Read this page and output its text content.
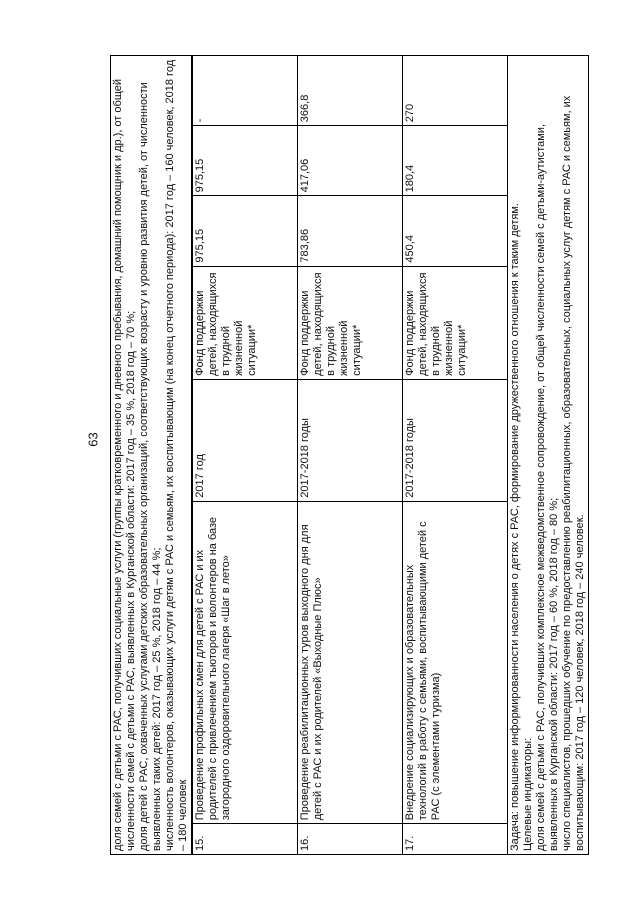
63 доля семей с детьми с РАС, получивших социальные услуги (группы кратковременного и дневного пребывания, домашний помощник и др.), от общей численности семей с детьми с РАС, выявленных в Курганской области: 2017 год – 35 %, 2018 год – 70 %; доля детей с РАС, охваченных услугами детских образовательных организаций, соответствующих возрасту и уровню развития детей, от численности выявленных таких детей: 2017 год – 25 %, 2018 год – 44 %; численность волонтеров, оказывающих услуги детям с РАС и семьям, их воспитывающим (на конец отчетного периода): 2017 год – 160 человек, 2018 год – 180 человек 15.	Проведение профильных смен для детей с РАС и их родителей с привлечением тьюторов и волонтеров на базе загородного оздоровительного лагеря «Шаг в лето»	2017 год	Фонд поддержки детей, находящихся в трудной жизненной ситуации*	975,15	975,15	-
16.	Проведение реабилитационных туров выходного дня для детей с РАС и их родителей «Выходные Плюс»	2017-2018 годы	Фонд поддержки детей, находящихся в трудной жизненной ситуации*	783,86	417,06	366,8
17.	Внедрение социализирующих и образовательных технологий в работу с семьями, воспитывающими детей с РАС (с элементами туризма)	2017-2018 годы	Фонд поддержки детей, находящихся в трудной жизненной ситуации*	450,4	180,4	270

Задача: повышение информированности населения о детях с РАС, формирование дружественного отношения к таким детям. Целевые индикаторы: доля семей с детьми с РАС, получивших комплексное межведомственное сопровождение, от общей численности семей с детьми-аутистами, выявленных в Курганской области: 2017 год – 60 %, 2018 год – 80 %; число специалистов, прошедших обучение по предоставлению реабилитационных, образовательных, социальных услуг детям с РАС и семьям, их воспитывающим: 2017 год – 120 человек, 2018 год – 240 человек.
